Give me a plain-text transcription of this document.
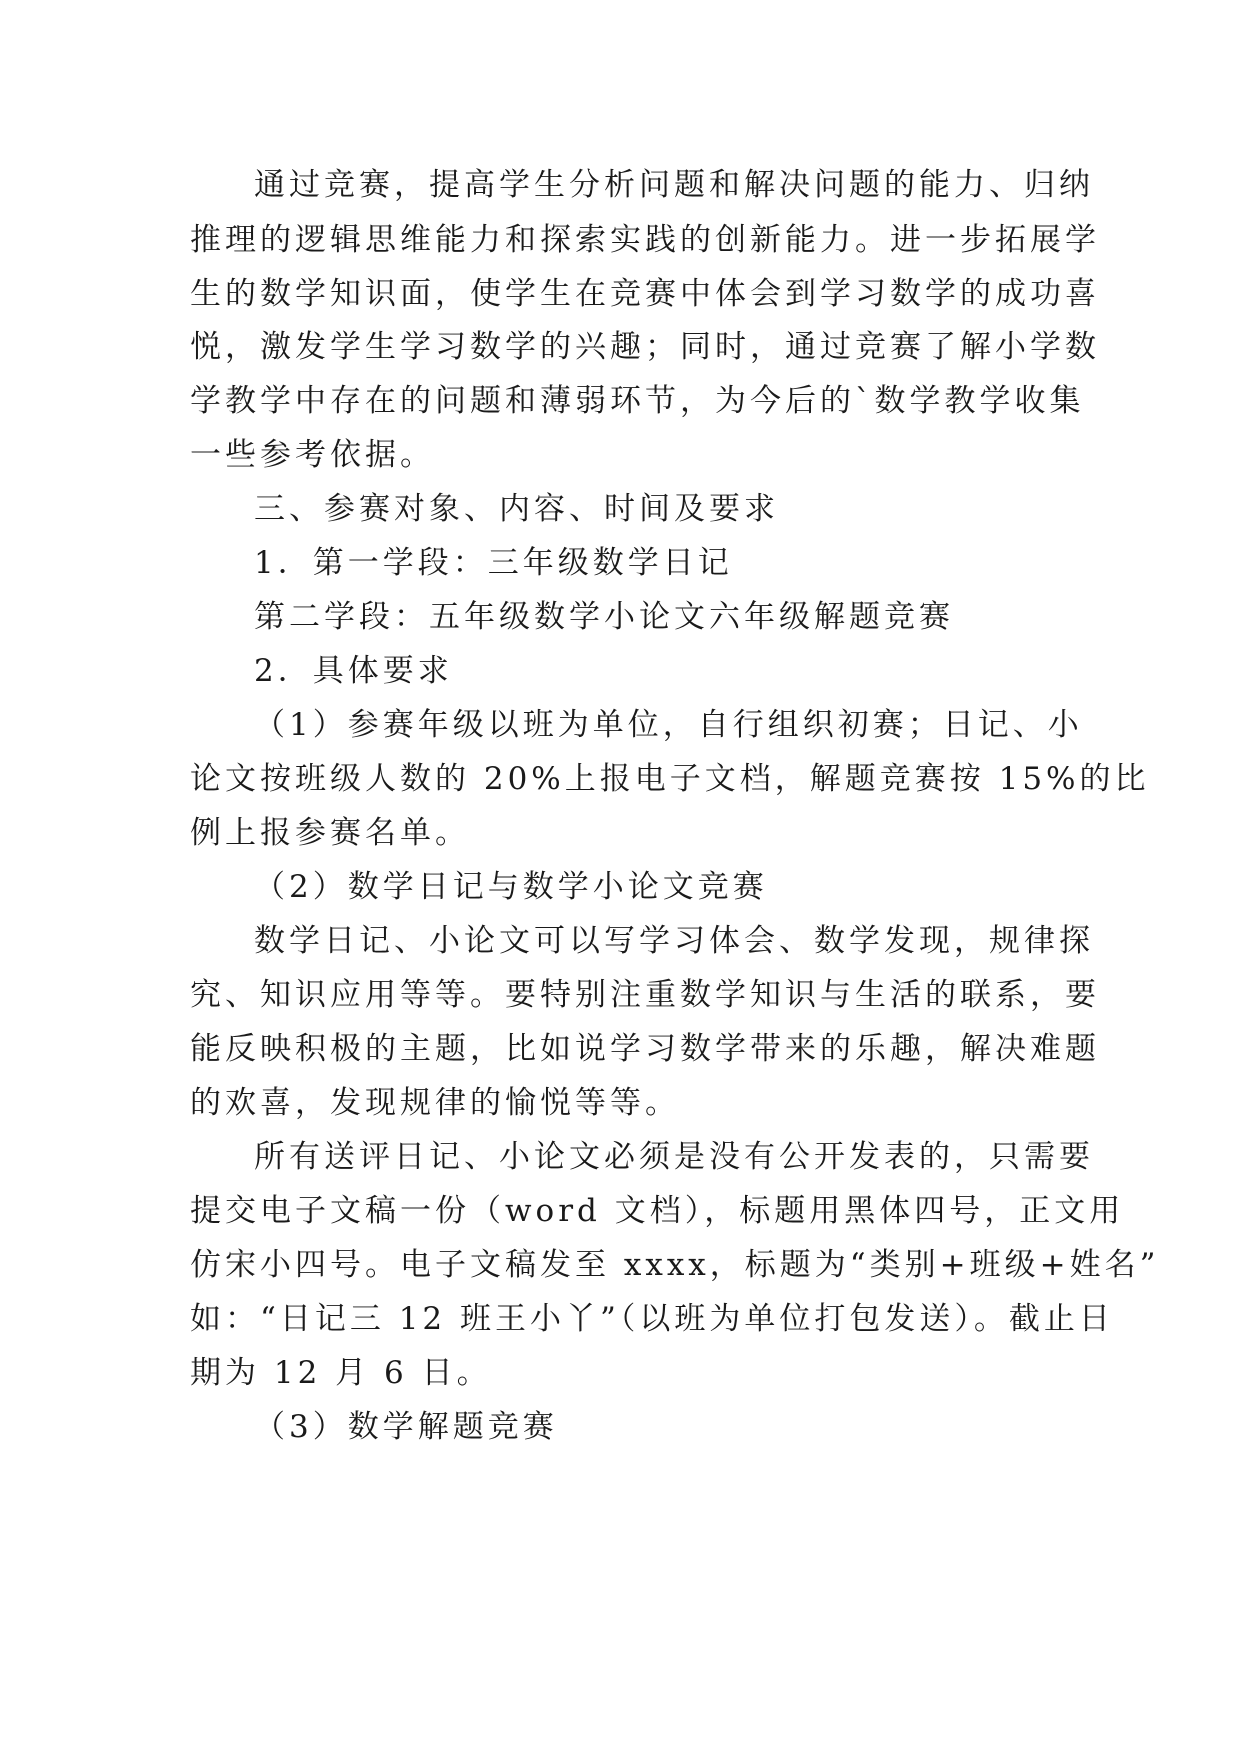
通过竞赛，提高学生分析问题和解决问题的能力、归纳
推理的逻辑思维能力和探索实践的创新能力。进一步拓展学
生的数学知识面，使学生在竞赛中体会到学习数学的成功喜
悦，激发学生学习数学的兴趣；同时，通过竞赛了解小学数
学教学中存在的问题和薄弱环节，为今后的`数学教学收集
一些参考依据。
三、参赛对象、内容、时间及要求
1．第一学段：三年级数学日记
第二学段：五年级数学小论文六年级解题竞赛
2．具体要求
（1）参赛年级以班为单位，自行组织初赛；日记、小
论文按班级人数的 20%上报电子文档，解题竞赛按 15%的比
例上报参赛名单。
（2）数学日记与数学小论文竞赛
数学日记、小论文可以写学习体会、数学发现，规律探
究、知识应用等等。要特别注重数学知识与生活的联系，要
能反映积极的主题，比如说学习数学带来的乐趣，解决难题
的欢喜，发现规律的愉悦等等。
所有送评日记、小论文必须是没有公开发表的，只需要
提交电子文稿一份（word 文档），标题用黑体四号，正文用
仿宋小四号。电子文稿发至 xxxx，标题为“类别+班级+姓名”
如：“日记三 12 班王小丫”（以班为单位打包发送）。截止日
期为 12 月 6 日。
（3）数学解题竞赛
